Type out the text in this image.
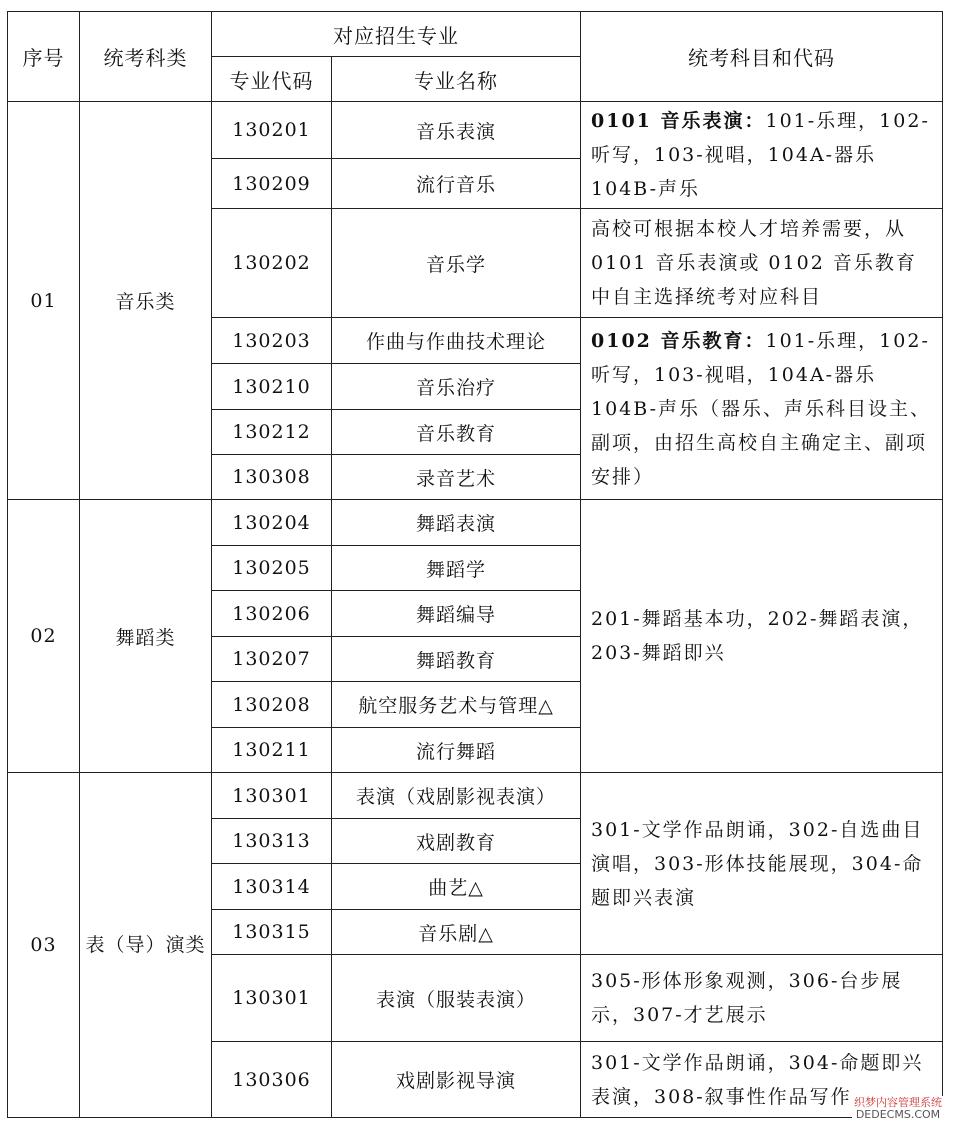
序号	统考科类	对应招生专业		统考科目和代码
		专业代码	专业名称	
01	音乐类	130201	音乐表演	0101 音乐表演：101-乐理，102-听写，103-视唱，104A-器乐 104B-声乐
		130209	流行音乐	
		130202	音乐学	高校可根据本校人才培养需要，从0101 音乐表演或 0102 音乐教育中自主选择统考对应科目
		130203	作曲与作曲技术理论	0102 音乐教育：101-乐理，102-听写，103-视唱，104A-器乐 104B-声乐（器乐、声乐科目设主、副项，由招生高校自主确定主、副项安排）
		130210	音乐治疗	
		130212	音乐教育	
		130308	录音艺术	
02	舞蹈类	130204	舞蹈表演	201-舞蹈基本功，202-舞蹈表演，203-舞蹈即兴
		130205	舞蹈学	
		130206	舞蹈编导	
		130207	舞蹈教育	
		130208	航空服务艺术与管理△	
		130211	流行舞蹈	
03	表（导）演类	130301	表演（戏剧影视表演）	301-文学作品朗诵，302-自选曲目演唱，303-形体技能展现，304-命题即兴表演
		130313	戏剧教育	
		130314	曲艺△	
		130315	音乐剧△	
		130301	表演（服装表演）	305-形体形象观测，306-台步展示，307-才艺展示
		130306	戏剧影视导演	301-文学作品朗诵，304-命题即兴表演，308-叙事性作品写作 织梦内容管理系统
DEDECMS.COM
